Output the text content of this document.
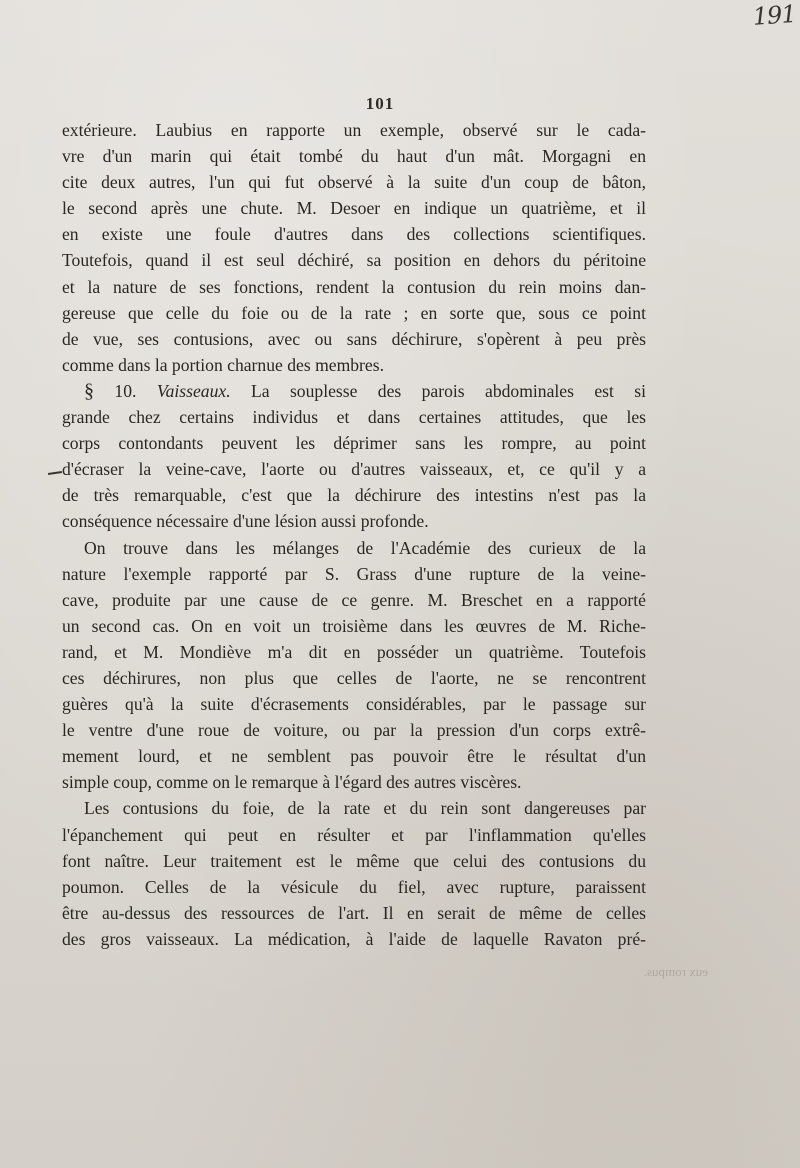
191
101
extérieure. Laubius en rapporte un exemple, observé sur le cada-
vre d'un marin qui était tombé du haut d'un mât. Morgagni en
cite deux autres, l'un qui fut observé à la suite d'un coup de bâton,
le second après une chute. M. Desoer en indique un quatrième, et il
en existe une foule d'autres dans des collections scientifiques.
Toutefois, quand il est seul déchiré, sa position en dehors du péritoine
et la nature de ses fonctions, rendent la contusion du rein moins dan-
gereuse que celle du foie ou de la rate ; en sorte que, sous ce point
de vue, ses contusions, avec ou sans déchirure, s'opèrent à peu près
comme dans la portion charnue des membres.
§ 10. Vaisseaux. La souplesse des parois abdominales est si
grande chez certains individus et dans certaines attitudes, que les
corps contondants peuvent les déprimer sans les rompre, au point
d'écraser la veine-cave, l'aorte ou d'autres vaisseaux, et, ce qu'il y a
de très remarquable, c'est que la déchirure des intestins n'est pas la
conséquence nécessaire d'une lésion aussi profonde.
On trouve dans les mélanges de l'Académie des curieux de la
nature l'exemple rapporté par S. Grass d'une rupture de la veine-
cave, produite par une cause de ce genre. M. Breschet en a rapporté
un second cas. On en voit un troisième dans les œuvres de M. Riche-
rand, et M. Mondiève m'a dit en posséder un quatrième. Toutefois
ces déchirures, non plus que celles de l'aorte, ne se rencontrent
guères qu'à la suite d'écrasements considérables, par le passage sur
le ventre d'une roue de voiture, ou par la pression d'un corps extrê-
mement lourd, et ne semblent pas pouvoir être le résultat d'un
simple coup, comme on le remarque à l'égard des autres viscères.
Les contusions du foie, de la rate et du rein sont dangereuses par
l'épanchement qui peut en résulter et par l'inflammation qu'elles
font naître. Leur traitement est le même que celui des contusions du
poumon. Celles de la vésicule du fiel, avec rupture, paraissent
être au-dessus des ressources de l'art. Il en serait de même de celles
des gros vaisseaux. La médication, à l'aide de laquelle Ravaton pré-
eux rompus.
